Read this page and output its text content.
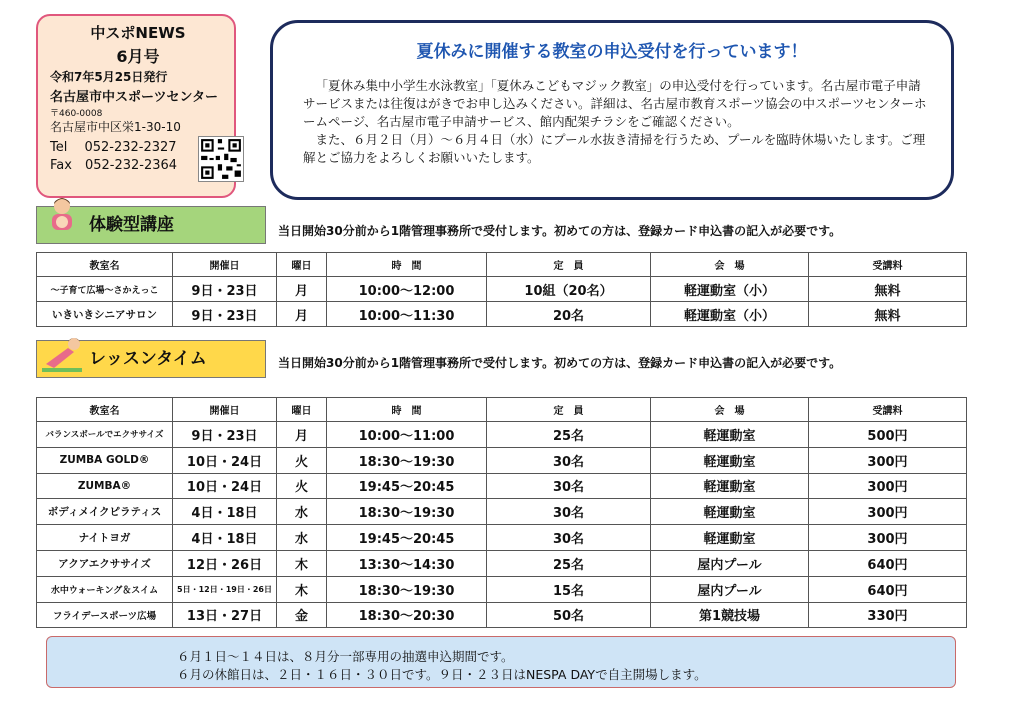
中スポNEWS
6月号
令和7年5月25日発行
名古屋市中スポーツセンター
〒460-0008
名古屋市中区栄1-30-10
Tel　 052-232-2327
Fax　052-232-2364
夏休みに開催する教室の申込受付を行っています！

「夏休み集中小学生水泳教室」「夏休みこどもマジック教室」の申込受付を行っています。名古屋市電子申請サービスまたは往復はがきでお申し込みください。詳細は、名古屋市教育スポーツ協会の中スポーツセンターホームページ、名古屋市電子申請サービス、館内配架チラシをご確認ください。

また、６月２日（月）～６月４日（水）にプール水抜き清掃を行うため、プールを臨時休場いたします。ご理解とご協力をよろしくお願いいたします。

体験型講座	当日開始30分前から1階管理事務所で受付します。初めての方は、登録カード申込書の記入が必要です。
教室名	開催日	曜日	時　間	定　員	会　場	受講料
～子育て広場～さかえっこ	9日・23日	月	10:00～12:00	10組（20名）	軽運動室（小）	無料
いきいきシニアサロン	9日・23日	月	10:00～11:30	20名	軽運動室（小）	無料
レッスンタイム	当日開始30分前から1階管理事務所で受付します。初めての方は、登録カード申込書の記入が必要です。
教室名	開催日	曜日	時　間	定　員	会　場	受講料
バランスボールでエクササイズ	9日・23日	月	10:00～11:00	25名	軽運動室	500円
ZUMBA GOLD®	10日・24日	火	18:30～19:30	30名	軽運動室	300円
ZUMBA®	10日・24日	火	19:45～20:45	30名	軽運動室	300円
ボディメイクピラティス	4日・18日	水	18:30～19:30	30名	軽運動室	300円
ナイトヨガ	4日・18日	水	19:45～20:45	30名	軽運動室	300円
アクアエクササイズ	12日・26日	木	13:30～14:30	25名	屋内プール	640円
水中ウォーキング＆スイム	5日・12日・19日・26日	木	18:30～19:30	15名	屋内プール	640円
フライデースポーツ広場	13日・27日	金	18:30～20:30	50名	第1競技場	330円
６月１日～１４日は、８月分一部専用の抽選申込期間です。
６月の休館日は、２日・１６日・３０日です。９日・２３日はNESPA DAYで自主開場します。
